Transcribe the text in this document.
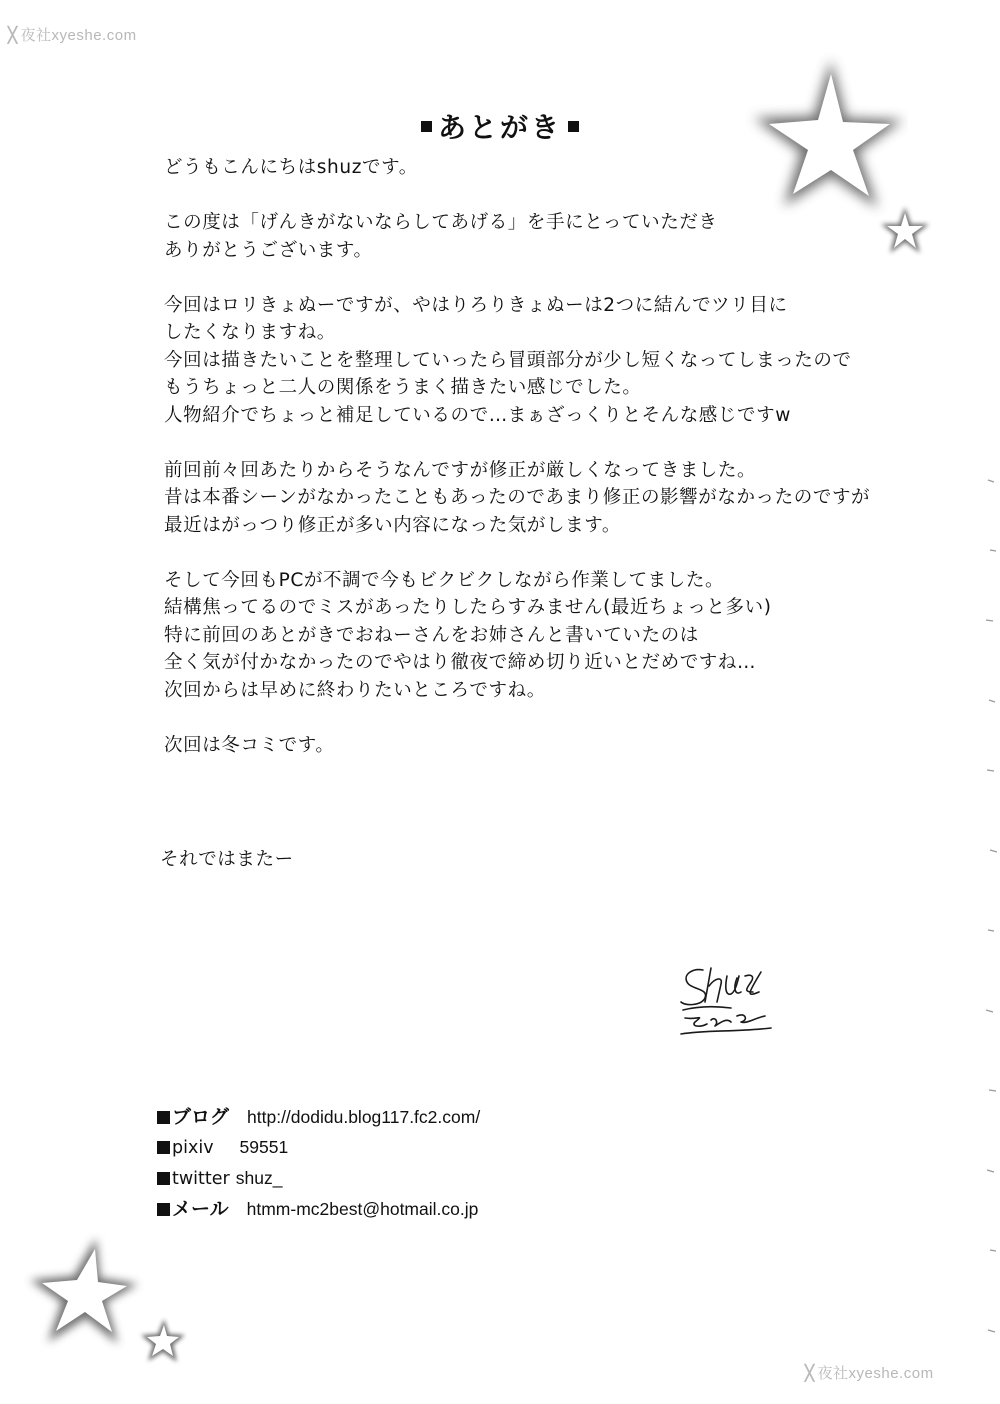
╳ 夜社xyeshe.com
╳ 夜社xyeshe.com
あとがき

どうもこんにちはshuzです。

この度は「げんきがないならしてあげる」を手にとっていただき
ありがとうございます。

今回はロリきょぬーですが、やはりろりきょぬーは2つに結んでツリ目に
したくなりますね。
今回は描きたいことを整理していったら冒頭部分が少し短くなってしまったので
もうちょっと二人の関係をうまく描きたい感じでした。
人物紹介でちょっと補足しているので…まぁざっくりとそんな感じですw

前回前々回あたりからそうなんですが修正が厳しくなってきました。
昔は本番シーンがなかったこともあったのであまり修正の影響がなかったのですが
最近はがっつり修正が多い内容になった気がします。

そして今回もPCが不調で今もビクビクしながら作業してました。
結構焦ってるのでミスがあったりしたらすみません(最近ちょっと多い)
特に前回のあとがきでおねーさんをお姉さんと書いていたのは
全く気が付かなかったのでやはり徹夜で締め切り近いとだめですね…
次回からは早めに終わりたいところですね。

次回は冬コミです。

それではまたー
ブログ http://dodidu.blog117.fc2.com/
pixiv 59551
twitter shuz_
メール htmm-mc2best@hotmail.co.jp
